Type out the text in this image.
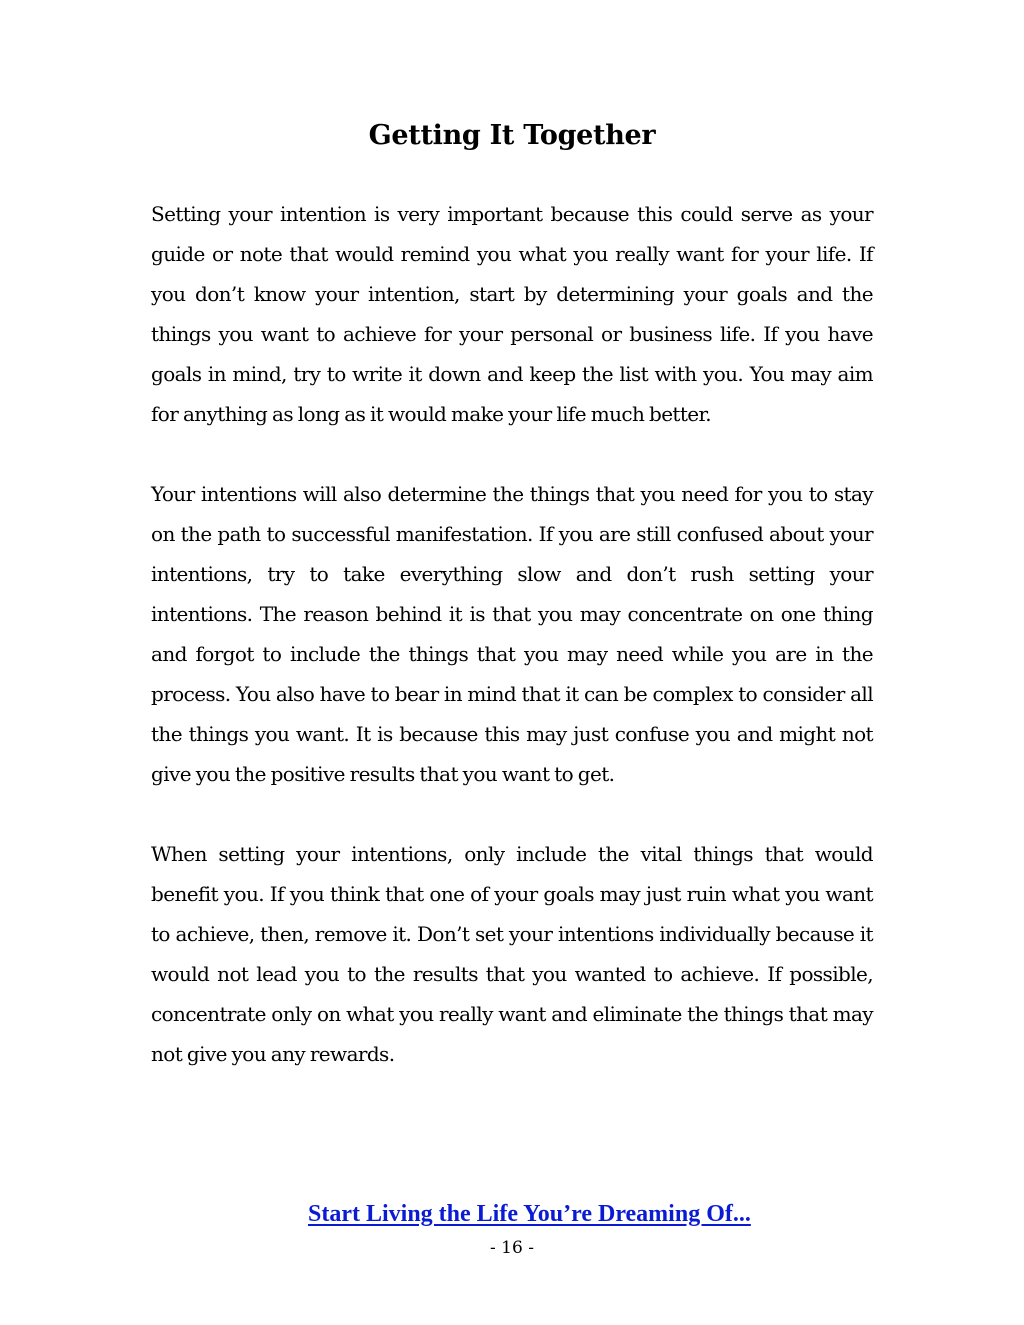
Getting It Together

Setting your intention is very important because this could serve as your guide or note that would remind you what you really want for your life. If you don’t know your intention, start by determining your goals and the things you want to achieve for your personal or business life. If you have goals in mind, try to write it down and keep the list with you. You may aim for anything as long as it would make your life much better.

Your intentions will also determine the things that you need for you to stay on the path to successful manifestation. If you are still confused about your intentions, try to take everything slow and don’t rush setting your intentions. The reason behind it is that you may concentrate on one thing and forgot to include the things that you may need while you are in the process. You also have to bear in mind that it can be complex to consider all the things you want. It is because this may just confuse you and might not give you the positive results that you want to get.

When setting your intentions, only include the vital things that would benefit you. If you think that one of your goals may just ruin what you want to achieve, then, remove it. Don’t set your intentions individually because it would not lead you to the results that you wanted to achieve. If possible, concentrate only on what you really want and eliminate the things that may not give you any rewards.

Start Living the Life You’re Dreaming Of...
- 16 -
